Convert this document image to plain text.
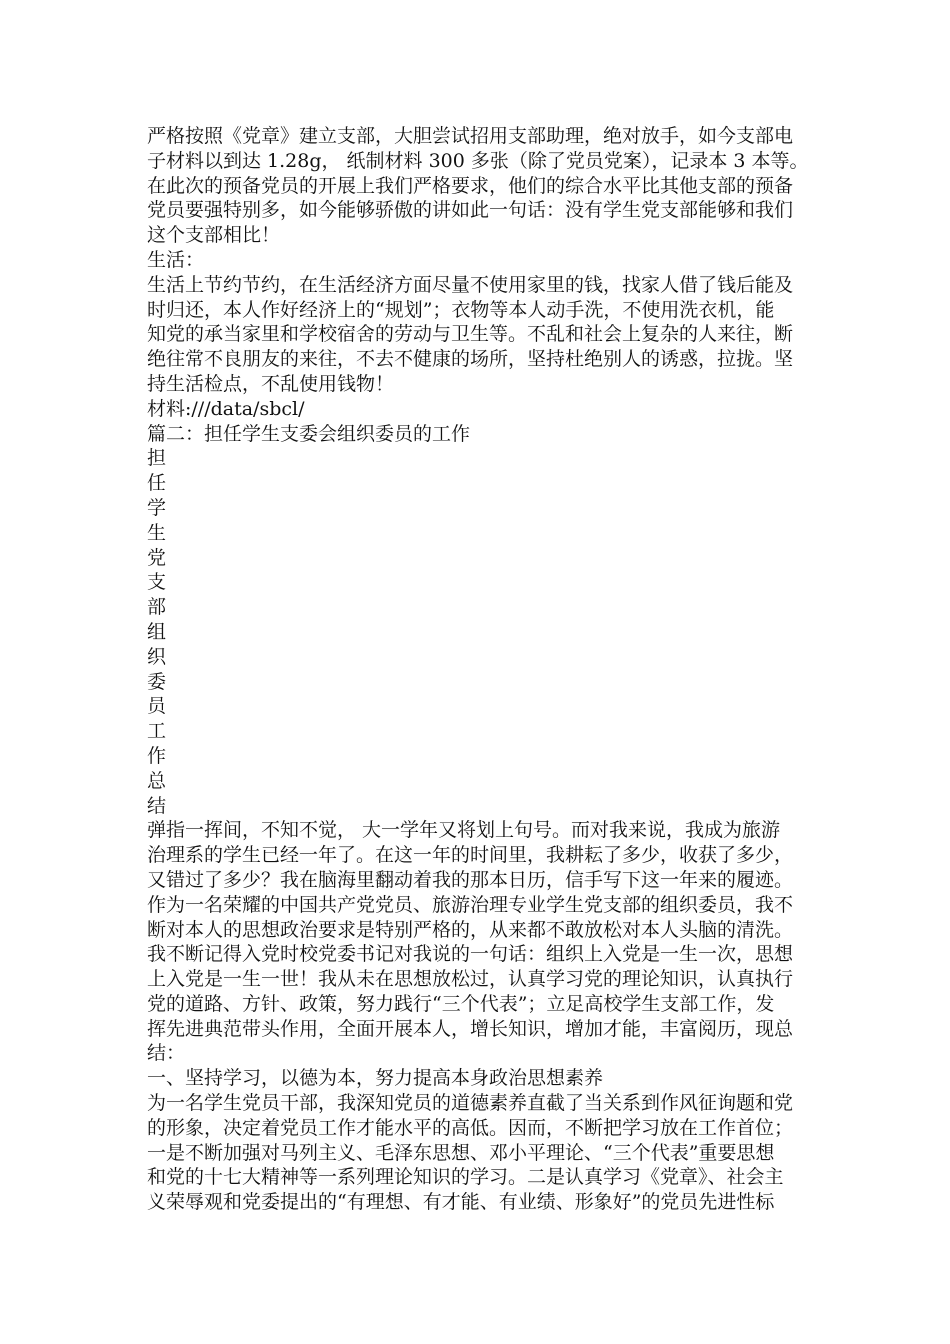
严格按照《党章》建立支部，大胆尝试招用支部助理，绝对放手，如今支部电
子材料以到达 1.28g， 纸制材料 300 多张（除了党员党案），记录本 3 本等。
在此次的预备党员的开展上我们严格要求，他们的综合水平比其他支部的预备
党员要强特别多，如今能够骄傲的讲如此一句话：没有学生党支部能够和我们
这个支部相比！
生活：
生活上节约节约，在生活经济方面尽量不使用家里的钱，找家人借了钱后能及
时归还，本人作好经济上的“规划”；衣物等本人动手洗，不使用洗衣机，能
知党的承当家里和学校宿舍的劳动与卫生等。不乱和社会上复杂的人来往，断
绝往常不良朋友的来往，不去不健康的场所，坚持杜绝别人的诱惑，拉拢。坚
持生活检点，不乱使用钱物！
材料:///data/sbcl/
篇二：担任学生支委会组织委员的工作
担
任
学
生
党
支
部
组
织
委
员
工
作
总
结
弹指一挥间，不知不觉， 大一学年又将划上句号。而对我来说，我成为旅游
治理系的学生已经一年了。在这一年的时间里，我耕耘了多少，收获了多少，
又错过了多少？我在脑海里翻动着我的那本日历，信手写下这一年来的履迹。
作为一名荣耀的中国共产党党员、旅游治理专业学生党支部的组织委员，我不
断对本人的思想政治要求是特别严格的，从来都不敢放松对本人头脑的清洗。
我不断记得入党时校党委书记对我说的一句话：组织上入党是一生一次，思想
上入党是一生一世！我从未在思想放松过，认真学习党的理论知识，认真执行
党的道路、方针、政策，努力践行“三个代表”；立足高校学生支部工作，发
挥先进典范带头作用，全面开展本人，增长知识，增加才能，丰富阅历，现总
结：
一、坚持学习，以德为本，努力提高本身政治思想素养
为一名学生党员干部，我深知党员的道德素养直截了当关系到作风征询题和党
的形象，决定着党员工作才能水平的高低。因而，不断把学习放在工作首位；
一是不断加强对马列主义、毛泽东思想、邓小平理论、“三个代表”重要思想
和党的十七大精神等一系列理论知识的学习。二是认真学习《党章》、社会主
义荣辱观和党委提出的“有理想、有才能、有业绩、形象好”的党员先进性标
